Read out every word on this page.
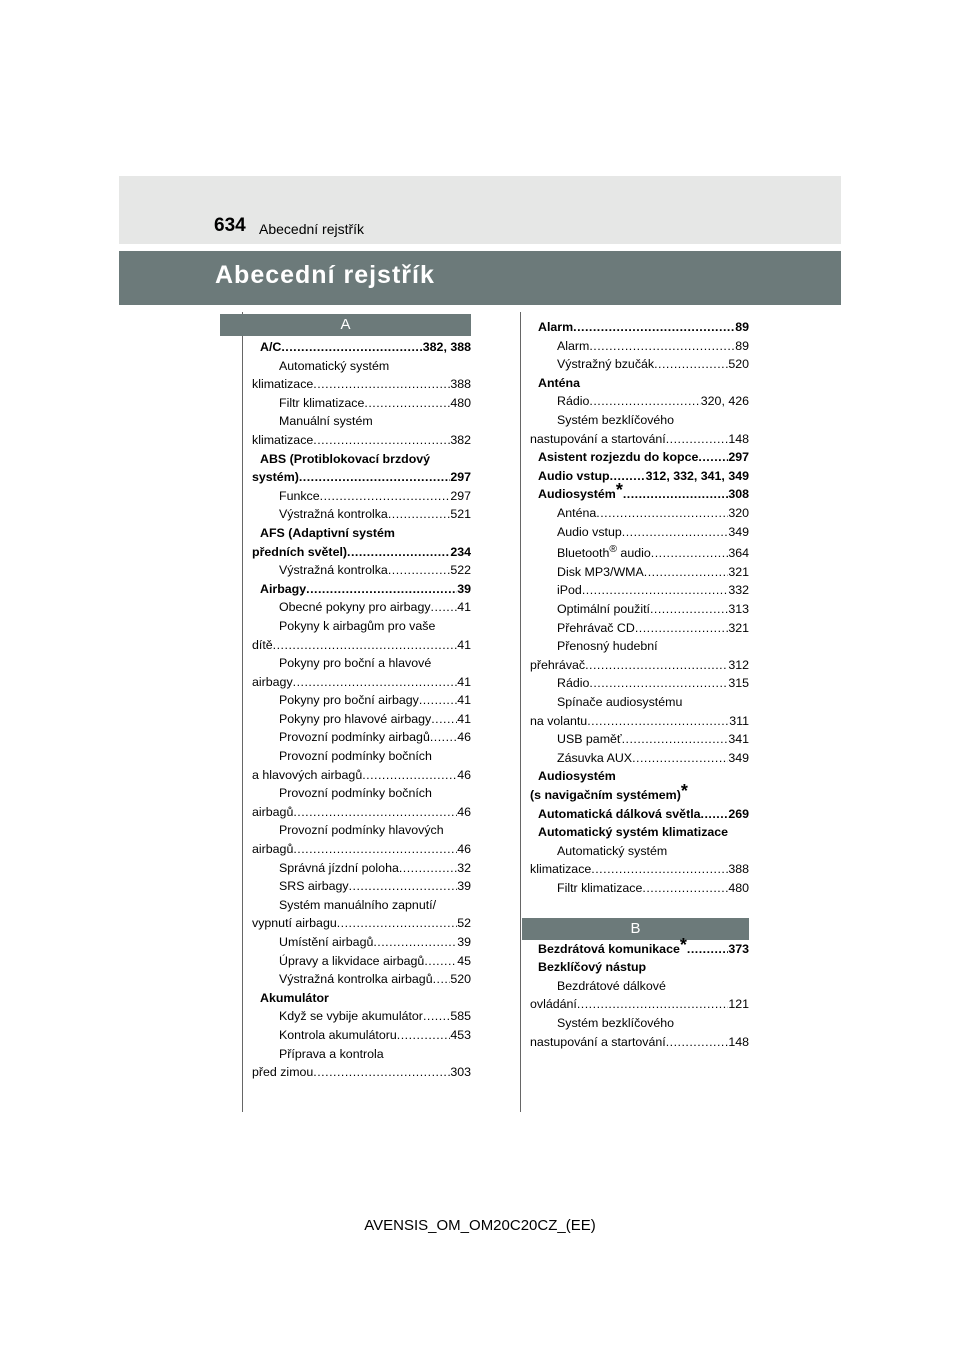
634 Abecední rejstřík
Abecední rejstřík
A
A/C .....	382, 388
Automatický systém
klimatizace .....	388
Filtr klimatizace .....	480
Manuální systém
klimatizace .....	382
ABS (Protiblokovací brzdový
systém) .....	297
Funkce .....	297
Výstražná kontrolka .....	521
AFS (Adaptivní systém
předních světel) .....	234
Výstražná kontrolka .....	522
Airbagy .....	39
Obecné pokyny pro airbagy ..... 41
Pokyny k airbagům pro vaše
dítě .....	41
Pokyny pro boční a hlavové
airbagy .....	41
Pokyny pro boční airbagy .....	41
Pokyny pro hlavové airbagy ..... 41
Provozní podmínky airbagů ..... 46
Provozní podmínky bočních
a hlavových airbagů .....	46
Provozní podmínky bočních
airbagů .....	46
Provozní podmínky hlavových
airbagů .....	46
Správná jízdní poloha .....	32
SRS airbagy .....	39
Systém manuálního zapnutí/
vypnutí airbagu .....	52
Umístění airbagů .....	39
Úpravy a likvidace airbagů .....	45
Výstražná kontrolka airbagů ..... 520
Akumulátor
Když se vybije akumulátor ..... 585
Kontrola akumulátoru .....	453
Příprava a kontrola
před zimou .....	303
Alarm .....	89
Alarm .....	89
Výstražný bzučák .....	520
Anténa
Rádio .....	320, 426
Systém bezklíčového
nastupování a startování .....	148
Asistent rozjezdu do kopce ..... 297
Audio vstup .....	312, 332, 341, 349
Audiosystém* .....	308
Anténa .....	320
Audio vstup .....	349
Bluetooth® audio .....	364
Disk MP3/WMA .....	321
iPod .....	332
Optimální použití .....	313
Přehrávač CD .....	321
Přenosný hudební
přehrávač .....	312
Rádio .....	315
Spínače audiosystému
na volantu .....	311
USB paměť .....	341
Zásuvka AUX .....	349
Audiosystém
(s navigačním systémem)*
Automatická dálková světla ..... 269
Automatický systém klimatizace
Automatický systém
klimatizace .....	388
Filtr klimatizace .....	480
B
Bezdrátová komunikace* .....	373
Bezklíčový nástup
Bezdrátové dálkové
ovládání .....	121
Systém bezklíčového
nastupování a startování .....	148
AVENSIS_OM_OM20C20CZ_(EE)
